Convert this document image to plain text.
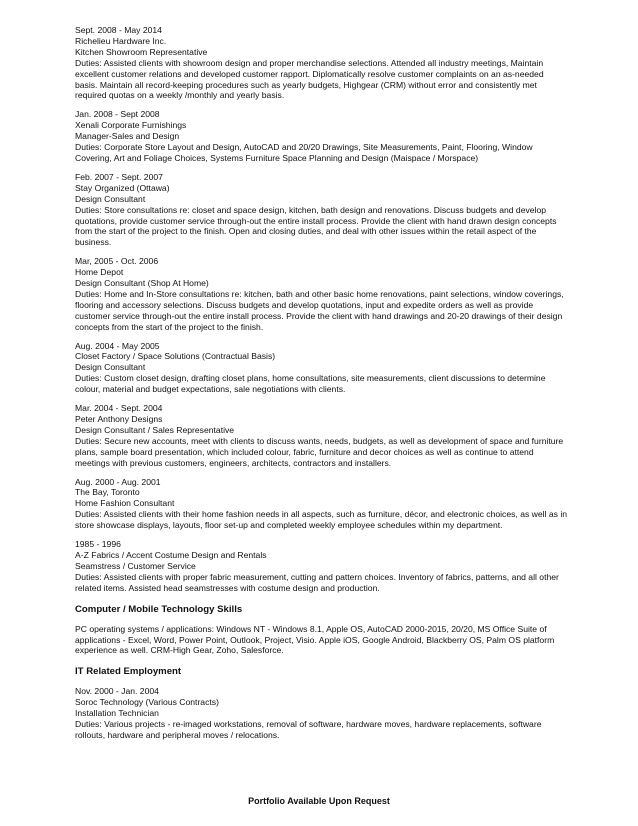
Sept. 2008 - May 2014
Richelieu Hardware Inc.
Kitchen Showroom Representative
Duties: Assisted clients with showroom design and proper merchandise selections. Attended all industry meetings, Maintain excellent customer relations and developed customer rapport. Diplomatically resolve customer complaints on an as-needed basis. Maintain all record-keeping procedures such as yearly budgets, Highgear (CRM) without error and consistently met required quotas on a weekly /monthly and yearly basis.
Jan. 2008 - Sept 2008
Xenali Corporate Furnishings
Manager-Sales and Design
Duties: Corporate Store Layout and Design, AutoCAD and 20/20 Drawings, Site Measurements, Paint, Flooring, Window Covering, Art and Foliage Choices, Systems Furniture Space Planning and Design (Maispace / Morspace)
Feb. 2007 - Sept. 2007
Stay Organized (Ottawa)
Design Consultant
Duties: Store consultations re: closet and space design, kitchen, bath design and renovations. Discuss budgets and develop quotations, provide customer service through-out the entire install process. Provide the client with hand drawn design concepts from the start of the project to the finish. Open and closing duties, and deal with other issues within the retail aspect of the business.
Mar, 2005 - Oct. 2006
Home Depot
Design Consultant (Shop At Home)
Duties: Home and In-Store consultations re: kitchen, bath and other basic home renovations, paint selections, window coverings, flooring and accessory selections. Discuss budgets and develop quotations, input and expedite orders as well as provide customer service through-out the entire install process. Provide the client with hand drawings and 20-20 drawings of their design concepts from the start of the project to the finish.
Aug. 2004 - May 2005
Closet Factory / Space Solutions (Contractual Basis)
Design Consultant
Duties: Custom closet design, drafting closet plans, home consultations, site measurements, client discussions to determine colour, material and budget expectations, sale negotiations with clients.
Mar. 2004 - Sept. 2004
Peter Anthony Designs
Design Consultant / Sales Representative
Duties: Secure new accounts, meet with clients to discuss wants, needs, budgets, as well as development of space and furniture plans, sample board presentation, which included colour, fabric, furniture and decor choices as well as continue to attend meetings with previous customers, engineers, architects, contractors and installers.
Aug. 2000 - Aug. 2001
The Bay, Toronto
Home Fashion Consultant
Duties: Assisted clients with their home fashion needs in all aspects, such as furniture, décor, and electronic choices, as well as in store showcase displays, layouts, floor set-up and completed weekly employee schedules within my department.
1985 - 1996
A-Z Fabrics / Accent Costume Design and Rentals
Seamstress / Customer Service
Duties: Assisted clients with proper fabric measurement, cutting and pattern choices. Inventory of fabrics, patterns, and all other related items. Assisted head seamstresses with costume design and production.
Computer / Mobile Technology Skills
PC operating systems / applications: Windows NT - Windows 8.1, Apple OS, AutoCAD 2000-2015, 20/20, MS Office Suite of applications - Excel, Word, Power Point, Outlook, Project, Visio. Apple iOS, Google Android, Blackberry OS, Palm OS platform experience as well. CRM-High Gear, Zoho, Salesforce.
IT Related Employment
Nov. 2000 - Jan. 2004
Soroc Technology (Various Contracts)
Installation Technician
Duties: Various projects - re-imaged workstations, removal of software, hardware moves, hardware replacements, software rollouts, hardware and peripheral moves / relocations.
Portfolio Available Upon Request
